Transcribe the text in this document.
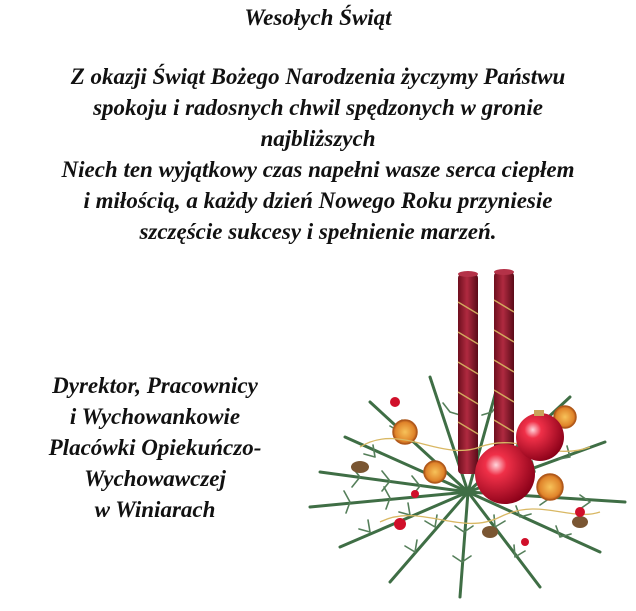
Wesołych Świąt
Z okazji Świąt Bożego Narodzenia życzymy Państwu
spokoju i radosnych chwil spędzonych w gronie
najbliższych
Niech ten wyjątkowy czas napełni wasze serca ciepłem
i miłością, a każdy dzień Nowego Roku przyniesie
szczęście sukcesy i spełnienie marzeń.
Dyrektor, Pracownicy
i Wychowankowie
Placówki Opiekuńczo-
Wychowawczej
w Winiarach
